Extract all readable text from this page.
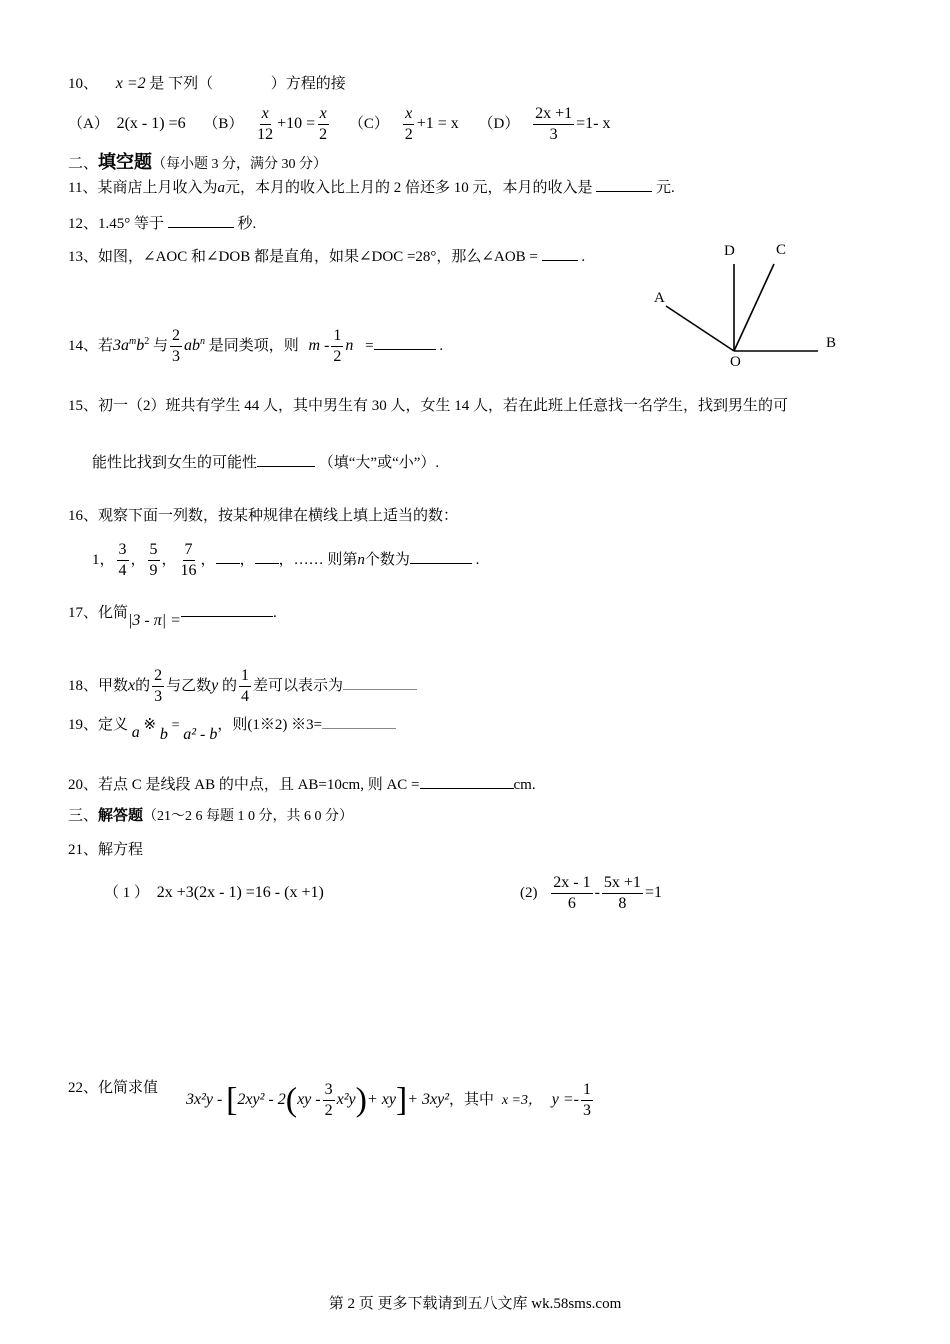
10、 x =2 是 下列（	）方程的接
（A） 2(x - 1) =6 $(B) \frac{x}{12} +10 = \frac{x}{2} (C) \frac{x}{2} +1 = x$ $(D) \frac{2x +1}{3} =1-$ x
二、填空题（每小题 3 分，满分 30 分）
11、某商店上月收入为a元，本月的收入比上月的 2 倍还多 10 元，本月的收入是	元.
12、1.45° 等于	秒.
13、如图，∠AOC 和∠DOB 都是直角，如果∠DOC =28°，那么∠AOB =	.	D	C
A
B
O
14、若$3a^mb^2$ 与 $\frac{2}{3} ab^n$ 是同类项，则 m - $\frac{1}{2}$ n =	.
15、初一（2）班共有学生 44 人，其中男生有 30 人，女生 14 人，若在此班上任意找一名学生，找到男生的可
能性比找到女生的可能性	（填“大”或“小”）.
16、观察下面一列数，按某种规律在横线上填上适当的数：
1， $\frac{3}{4}$ ， $\frac{5}{9}$ ， $\frac{7}{16}$ ， ， ，…… 则第n个数为	.
17、化简|3 - π| =	.
18、甲数x的 $\frac{2}{3}$ 与乙数y 的 $\frac{1}{4}$ 差可以表示为
19、定义 a ※ b = a² - b，则(1※2) ※3=
20、若点 C 是线段 AB 的中点，且 AB=10cm, 则 AC =	cm.
三、解答题（21～2 6 每题 1 0 分，共 6 0 分）
21、解方程
（ 1 ） 2x +3(2x - 1) =16 - (x +1)	$(2) \frac{2x - 1}{6} - \frac{5x +1}{8} =1$
22、化简求值
$3x^2y - [2xy^2 - 2(xy - \frac{3}{2} x^2y)+ xy]+ 3xy^2$，其中 x =3， $y =- \frac{1}{3}$
第 2 页 更多下载请到五八文库 wk.58sms.com
